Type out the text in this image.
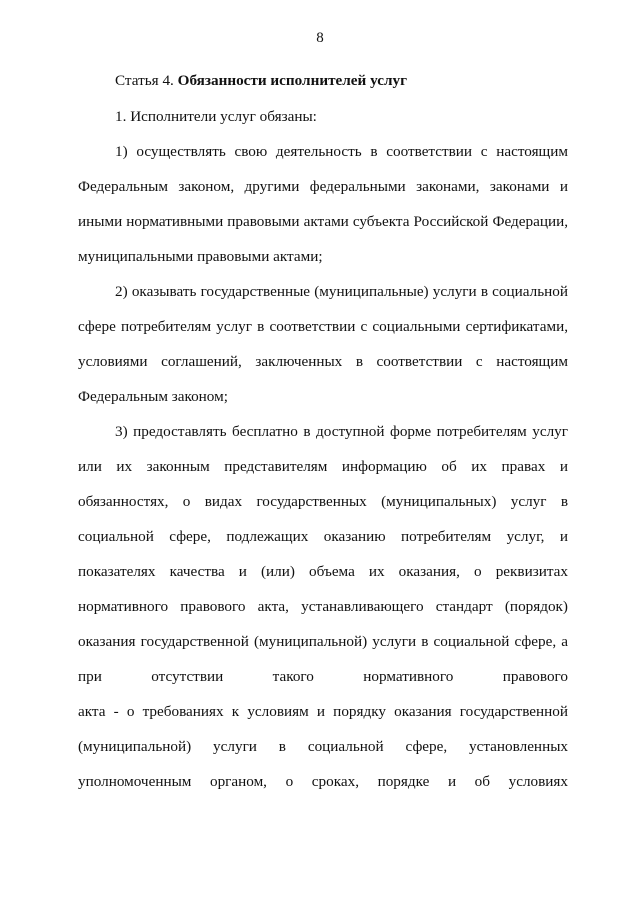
8
Статья 4. Обязанности исполнителей услуг
1. Исполнители услуг обязаны:
1) осуществлять свою деятельность в соответствии с настоящим
Федеральным законом, другими федеральными законами, законами и
иными нормативными правовыми актами субъекта Российской Федерации,
муниципальными правовыми актами;
2) оказывать государственные (муниципальные) услуги в социальной
сфере потребителям услуг в соответствии с социальными сертификатами,
условиями соглашений, заключенных в соответствии с настоящим
Федеральным законом;
3) предоставлять бесплатно в доступной форме потребителям услуг
или их законным представителям информацию об их правах и
обязанностях, о видах государственных (муниципальных) услуг в
социальной сфере, подлежащих оказанию потребителям услуг, и
показателях качества и (или) объема их оказания, о реквизитах
нормативного правового акта, устанавливающего стандарт (порядок)
оказания государственной (муниципальной) услуги в социальной сфере, а
при отсутствии такого нормативного правового
акта - о требованиях к условиям и порядку оказания государственной
(муниципальной) услуги в социальной сфере, установленных
уполномоченным органом, о сроках, порядке и об условиях
